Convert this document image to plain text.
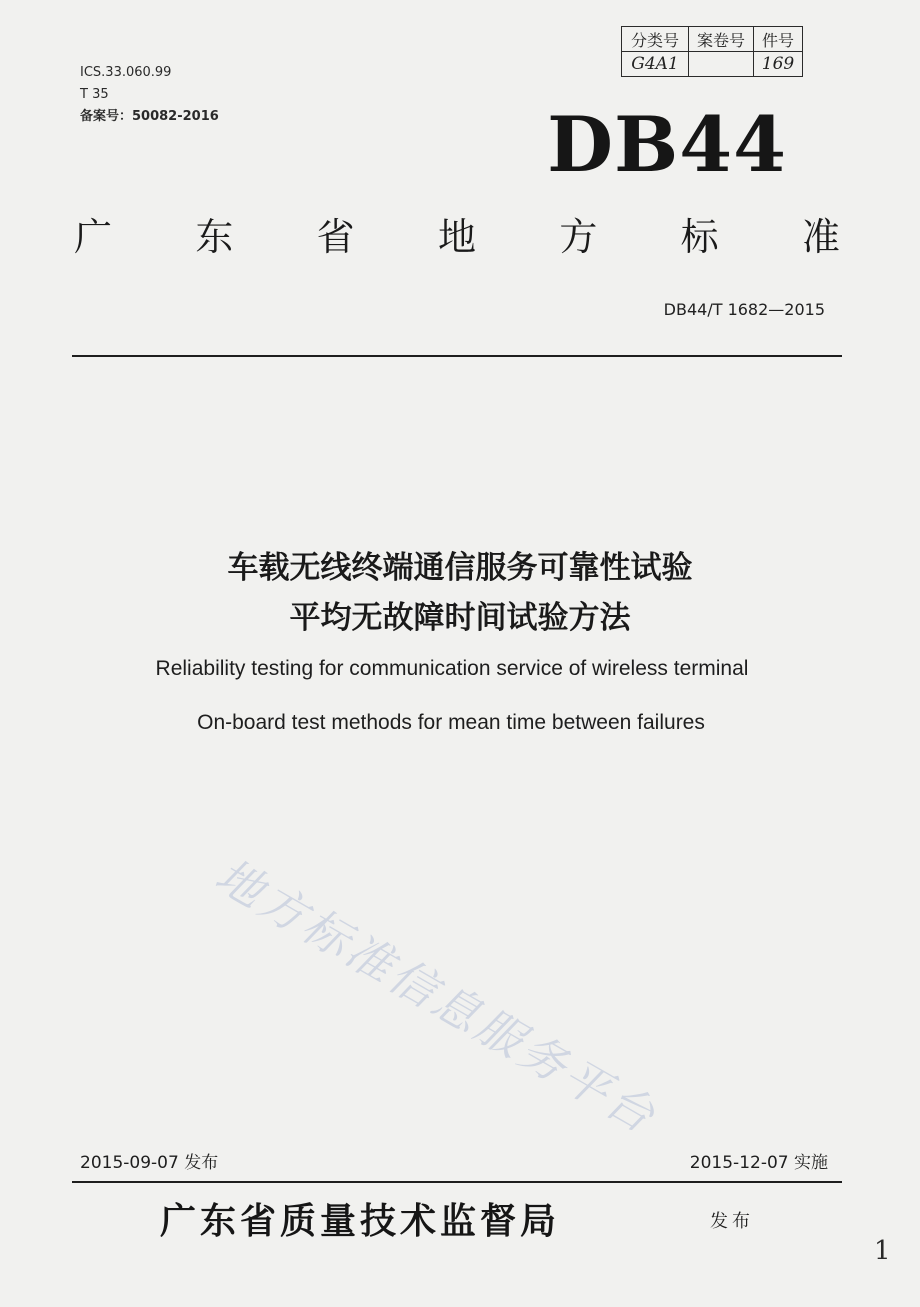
ICS.33.060.99
T 35
备案号：50082-2016
分类号	案卷号	件号
G4A1		169
DB44
广 东 省 地 方 标 准
DB44/T 1682—2015
车载无线终端通信服务可靠性试验
平均无故障时间试验方法
Reliability testing for communication service of wireless terminal
On-board test methods for mean time between failures
地方标准信息服务平台
2015-09-07 发布	2015-12-07 实施
广东省质量技术监督局	发布
1
